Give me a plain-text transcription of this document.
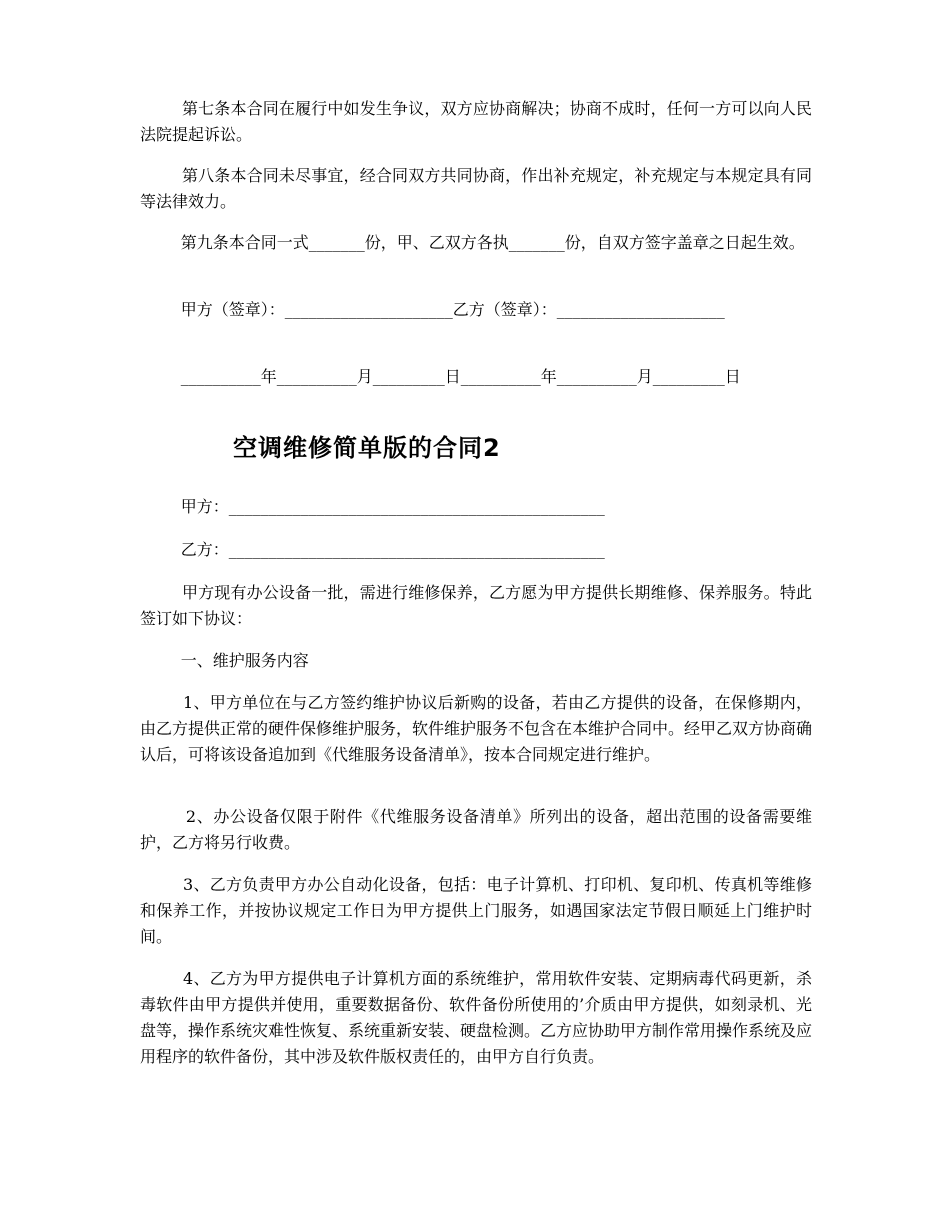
第七条本合同在履行中如发生争议，双方应协商解决；协商不成时，任何一方可以向人民法院提起诉讼。

第八条本合同未尽事宜，经合同双方共同协商，作出补充规定，补充规定与本规定具有同等法律效力。

第九条本合同一式_______份，甲、乙双方各执_______份，自双方签字盖章之日起生效。

甲方（签章）：_____________________乙方（签章）：_____________________

__________年__________月_________日__________年__________月_________日

空调维修简单版的合同2

甲方：_______________________________________________

乙方：_______________________________________________

甲方现有办公设备一批，需进行维修保养，乙方愿为甲方提供长期维修、保养服务。特此签订如下协议：

一、维护服务内容

1、甲方单位在与乙方签约维护协议后新购的设备，若由乙方提供的设备，在保修期内，由乙方提供正常的硬件保修维护服务，软件维护服务不包含在本维护合同中。经甲乙双方协商确认后，可将该设备追加到《代维服务设备清单》，按本合同规定进行维护。

2、办公设备仅限于附件《代维服务设备清单》所列出的设备，超出范围的设备需要维护，乙方将另行收费。

3、乙方负责甲方办公自动化设备，包括：电子计算机、打印机、复印机、传真机等维修和保养工作，并按协议规定工作日为甲方提供上门服务，如遇国家法定节假日顺延上门维护时间。

4、乙方为甲方提供电子计算机方面的系统维护，常用软件安装、定期病毒代码更新，杀毒软件由甲方提供并使用，重要数据备份、软件备份所使用的’介质由甲方提供，如刻录机、光盘等，操作系统灾难性恢复、系统重新安装、硬盘检测。乙方应协助甲方制作常用操作系统及应用程序的软件备份，其中涉及软件版权责任的，由甲方自行负责。
